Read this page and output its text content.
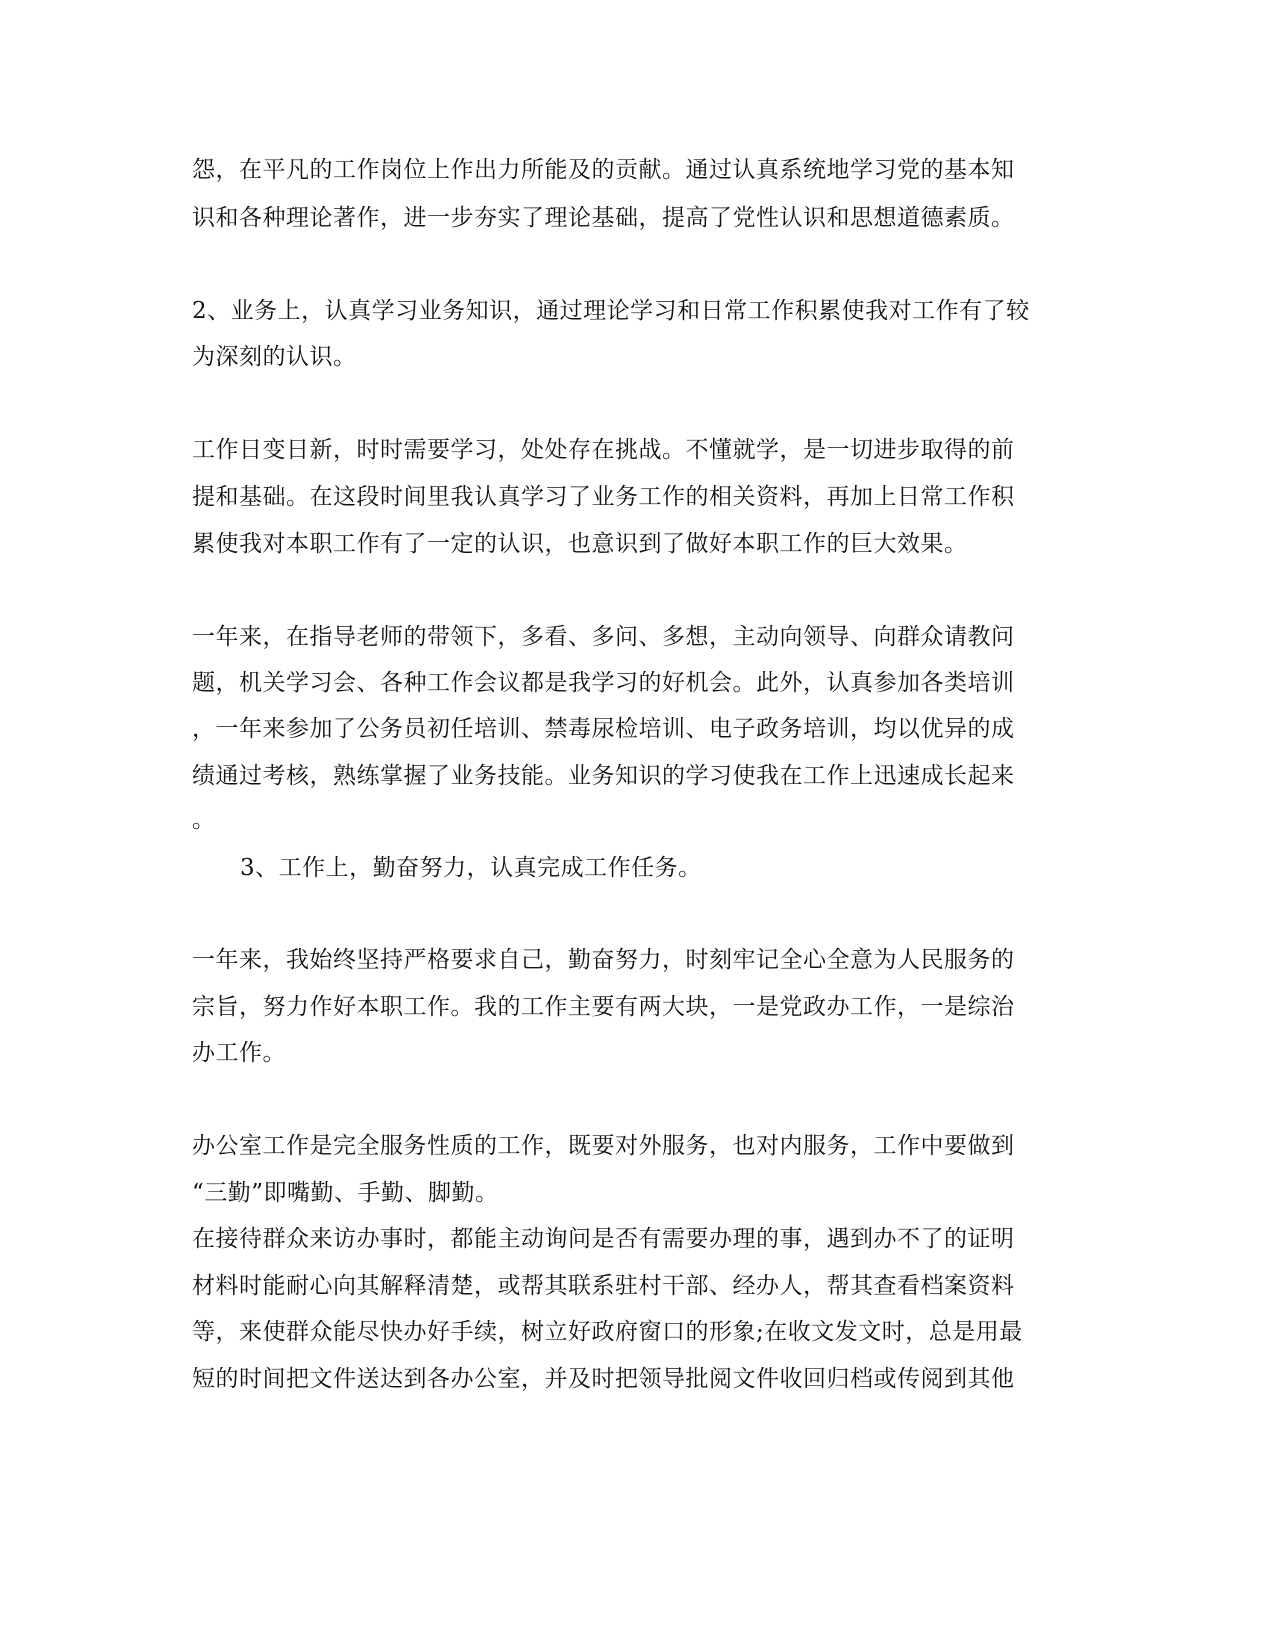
怨，在平凡的工作岗位上作出力所能及的贡献。通过认真系统地学习党的基本知
识和各种理论著作，进一步夯实了理论基础，提高了党性认识和思想道德素质。
2、业务上，认真学习业务知识，通过理论学习和日常工作积累使我对工作有了较
为深刻的认识。
工作日变日新，时时需要学习，处处存在挑战。不懂就学，是一切进步取得的前
提和基础。在这段时间里我认真学习了业务工作的相关资料，再加上日常工作积
累使我对本职工作有了一定的认识，也意识到了做好本职工作的巨大效果。
一年来，在指导老师的带领下，多看、多问、多想，主动向领导、向群众请教问
题，机关学习会、各种工作会议都是我学习的好机会。此外，认真参加各类培训
，一年来参加了公务员初任培训、禁毒尿检培训、电子政务培训，均以优异的成
绩通过考核，熟练掌握了业务技能。业务知识的学习使我在工作上迅速成长起来
。
3、工作上，勤奋努力，认真完成工作任务。
一年来，我始终坚持严格要求自己，勤奋努力，时刻牢记全心全意为人民服务的
宗旨，努力作好本职工作。我的工作主要有两大块，一是党政办工作，一是综治
办工作。
办公室工作是完全服务性质的工作，既要对外服务，也对内服务，工作中要做到
“三勤”即嘴勤、手勤、脚勤。
在接待群众来访办事时，都能主动询问是否有需要办理的事，遇到办不了的证明
材料时能耐心向其解释清楚，或帮其联系驻村干部、经办人，帮其查看档案资料
等，来使群众能尽快办好手续，树立好政府窗口的形象;在收文发文时，总是用最
短的时间把文件送达到各办公室，并及时把领导批阅文件收回归档或传阅到其他
